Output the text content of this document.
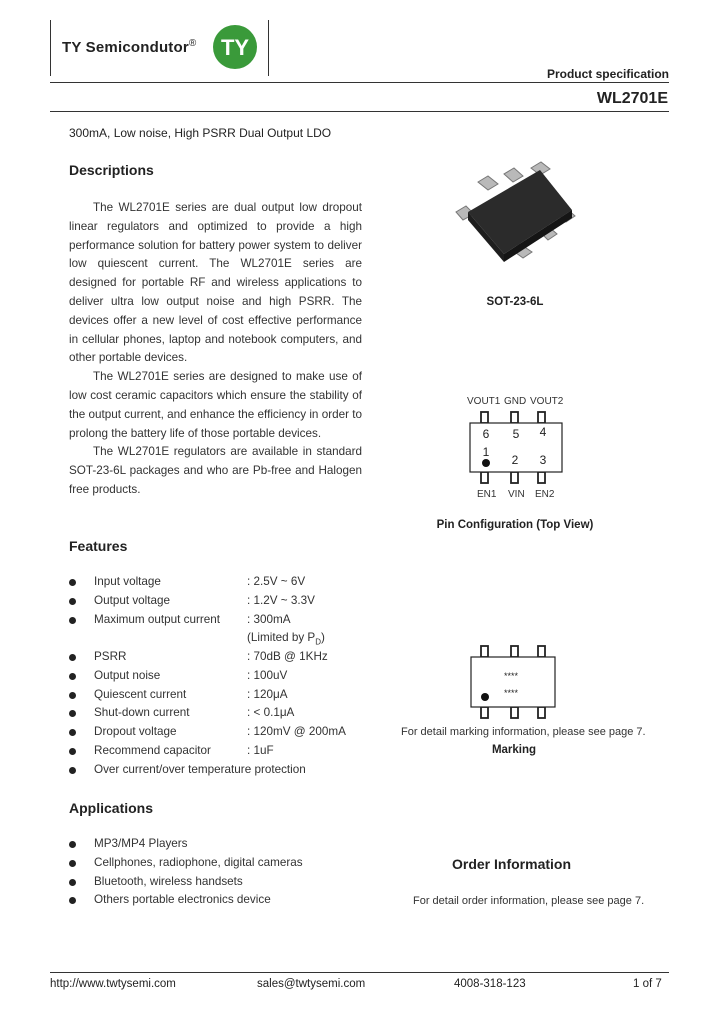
TY Semicondutor® TY
Product specification
WL2701E
300mA, Low noise, High PSRR Dual Output LDO
Descriptions

The WL2701E series are dual output low dropout linear regulators and optimized to provide a high performance solution for battery power system to deliver low quiescent current. The WL2701E series are designed for portable RF and wireless applications to deliver ultra low output noise and high PSRR. The devices offer a new level of cost effective performance in cellular phones, laptop and notebook computers, and other portable devices.

The WL2701E series are designed to make use of low cost ceramic capacitors which ensure the stability of the output current, and enhance the efficiency in order to prolong the battery life of those portable devices.

The WL2701E regulators are available in standard SOT-23-6L packages and who are Pb-free and Halogen free products.

SOT-23-6L
VOUT1 GND VOUT2
6 5 4
1
2 3
EN1 VIN EN2
Pin Configuration (Top View)
Features
Input voltage	: 2.5V ~ 6V
Output voltage	: 1.2V ~ 3.3V
Maximum output current : 300mA
(Limited by $P_D$)
PSRR	: 70dB @ 1KHz
Output noise	: 100uV
Quiescent current	: 120μA
Shut-down current	: < 0.1μA
Dropout voltage	: 120mV @ 200mA
Recommend capacitor	: 1uF
Over current/over temperature protection
****
****
For detail marking information, please see page 7.
Marking
Applications
MP3/MP4 Players
Cellphones, radiophone, digital cameras
Bluetooth, wireless handsets
Others portable electronics device
Order Information
For detail order information, please see page 7.
http://www.twtysemi.com	sales@twtysemi.com	4008-318-123	1 of 7
